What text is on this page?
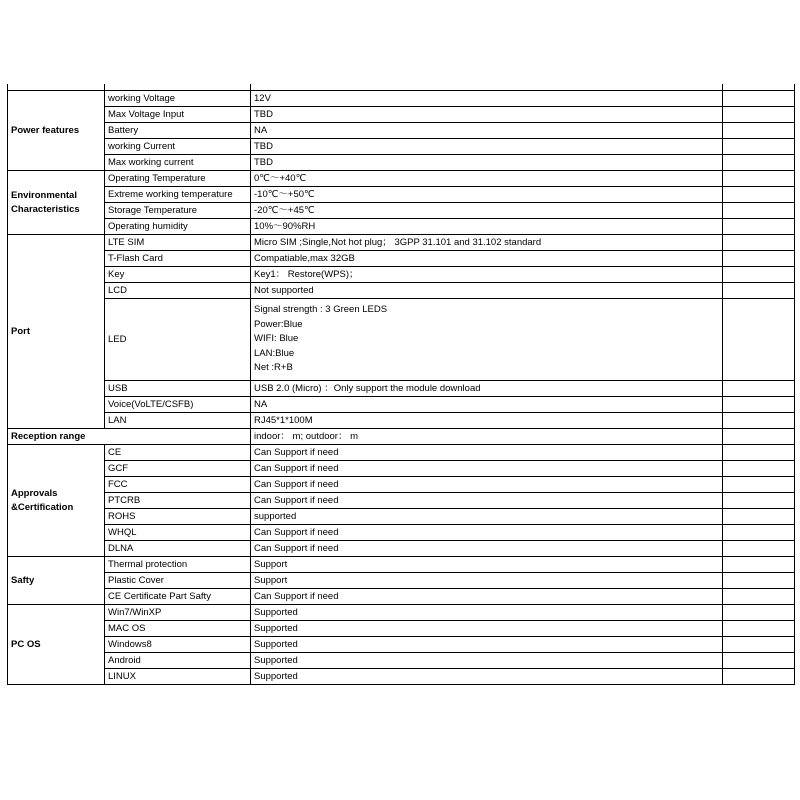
Power features	working Voltage	12V	
	Max Voltage Input	TBD	
	Battery	NA	
	working Current	TBD	
	Max working current	TBD	
Environmental Characteristics	Operating Temperature	0℃～+40℃	
	Extreme working temperature	-10℃～+50℃	
	Storage Temperature	-20℃～+45℃	
	Operating humidity	10%～90%RH	
Port	LTE SIM	Micro SIM ;Single,Not hot plug； 3GPP 31.101 and 31.102 standard	
	T-Flash Card	Compatiable,max 32GB	
	Key	Key1： Restore(WPS)；	
	LCD	Not supported	
	LED	Signal strength : 3 Green LEDS
Power:Blue
WIFI: Blue
LAN:Blue
Net :R+B	

	USB	USB 2.0 (Micro) ：Only support the module download	
	Voice(VoLTE/CSFB)	NA	
	LAN	RJ45*1*100M	
Reception range		indoor： m; outdoor： m	
Approvals &Certification	CE	Can Support if need	
	GCF	Can Support if need	
	FCC	Can Support if need	
	PTCRB	Can Support if need	
	ROHS	supported	
	WHQL	Can Support if need	
	DLNA	Can Support if need	
Safty	Thermal protection	Support	
	Plastic Cover	Support	
	CE Certificate Part Safty	Can Support if need	
PC OS	Win7/WinXP	Supported	
	MAC OS	Supported	
	Windows8	Supported	
	Android	Supported	
	LINUX	Supported	
